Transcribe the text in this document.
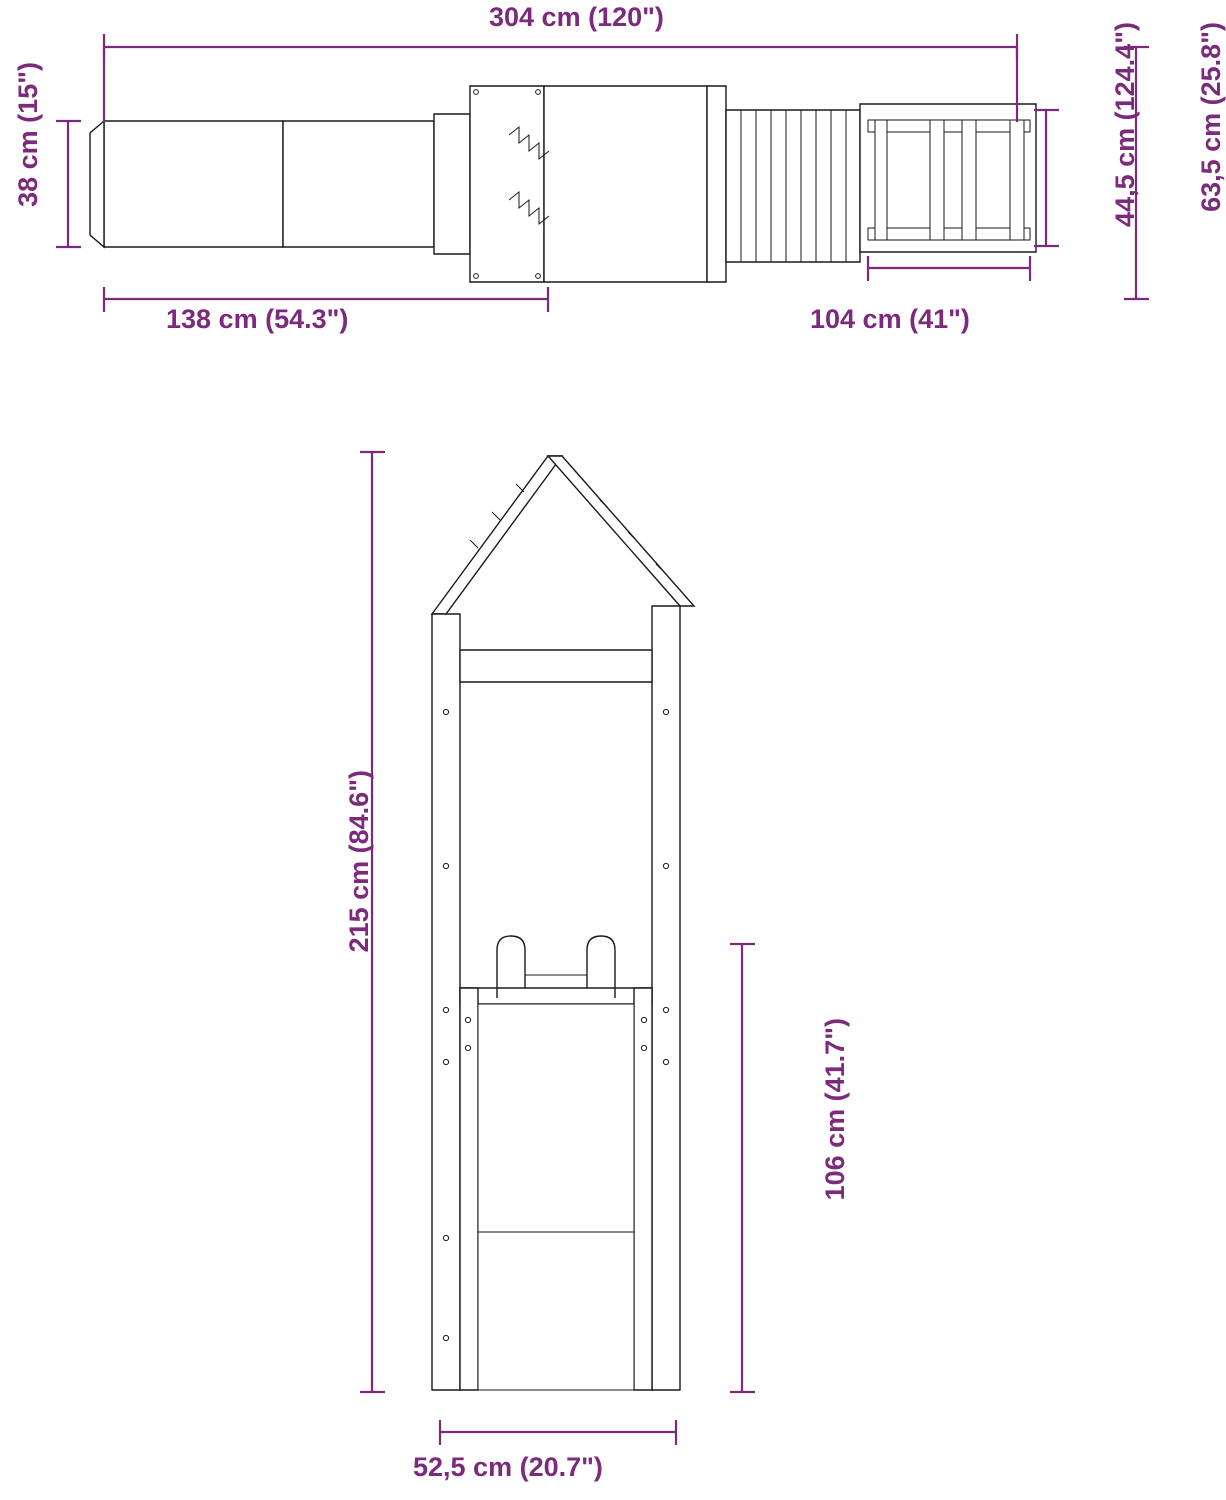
304 cm (120")
38 cm (15")
138 cm (54.3")	104 cm (41")
44,5 cm (124.4") 63,5 cm (25.8")
215 cm (84.6")
106 cm (41.7")
52,5 cm (20.7")
